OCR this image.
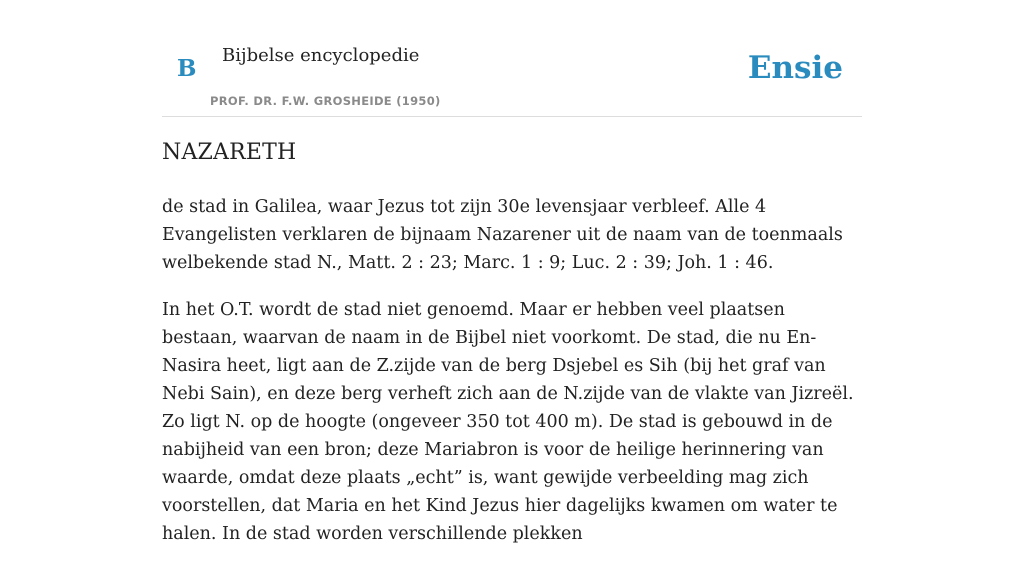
B Bijbelse encyclopedie
PROF. DR. F.W. GROSHEIDE (1950)
Ensie
NAZARETH

de stad in Galilea, waar Jezus tot zijn 30e levensjaar verbleef. Alle 4 Evangelisten verklaren de bijnaam Nazarener uit de naam van de toenmaals welbekende stad N., Matt. 2 : 23; Marc. 1 : 9; Luc. 2 : 39; Joh. 1 : 46.

In het O.T. wordt de stad niet genoemd. Maar er hebben veel plaatsen bestaan, waarvan de naam in de Bijbel niet voorkomt. De stad, die nu En-Nasira heet, ligt aan de Z.zijde van de berg Dsjebel es Sih (bij het graf van Nebi Sain), en deze berg verheft zich aan de N.zijde van de vlakte van Jizreël. Zo ligt N. op de hoogte (ongeveer 350 tot 400 m). De stad is gebouwd in de nabijheid van een bron; deze Mariabron is voor de heilige herinnering van waarde, omdat deze plaats „echt” is, want gewijde verbeelding mag zich voorstellen, dat Maria en het Kind Jezus hier dagelijks kwamen om water te halen. In de stad worden verschillende plekken
